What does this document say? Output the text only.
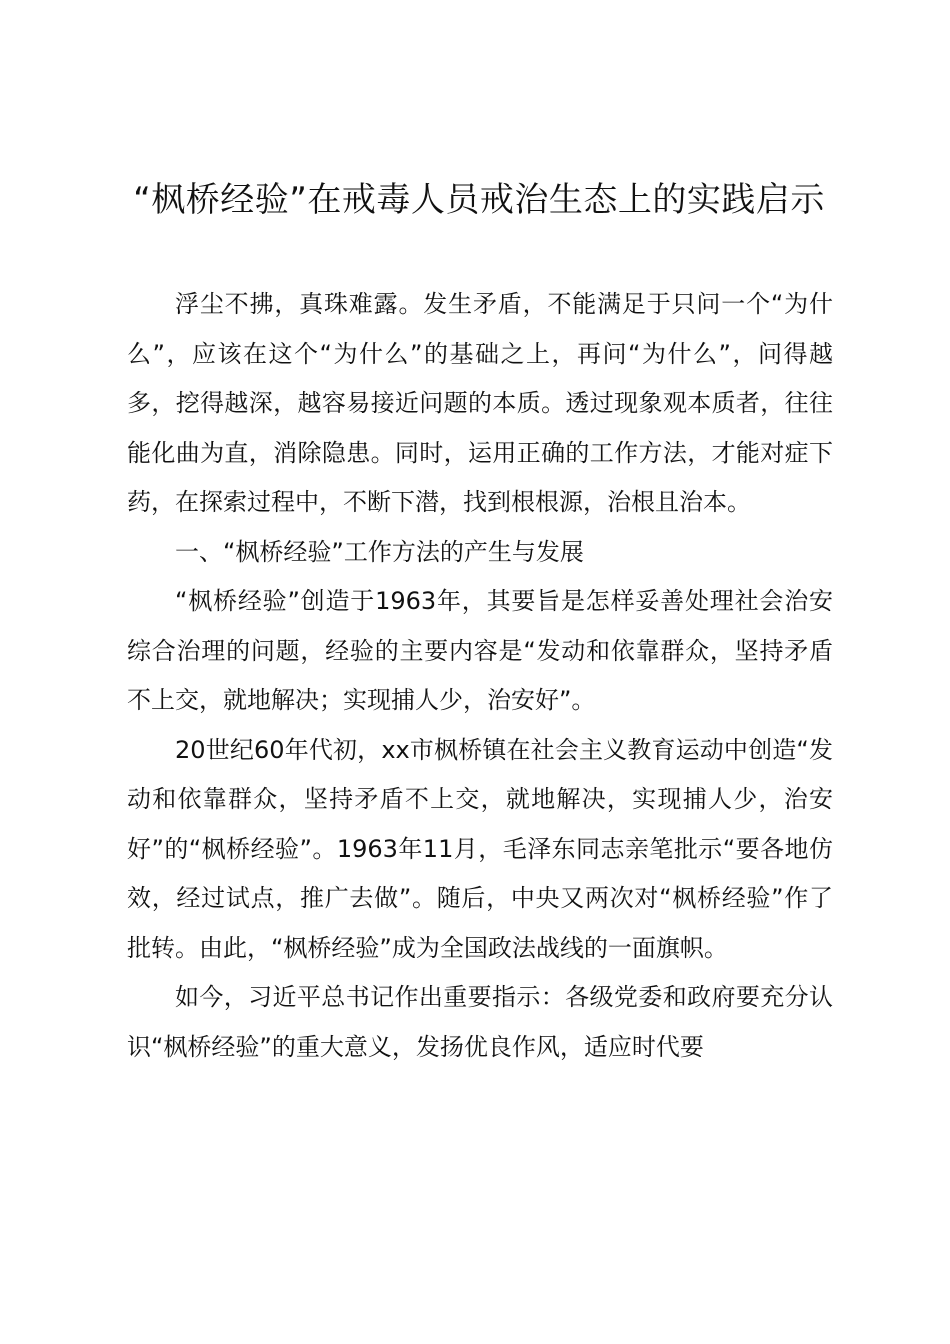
“枫桥经验”在戒毒人员戒治生态上的实践启示

浮尘不拂，真珠难露。发生矛盾，不能满足于只问一个“为什么”，应该在这个“为什么”的基础之上，再问“为什么”，问得越多，挖得越深，越容易接近问题的本质。透过现象观本质者，往往能化曲为直，消除隐患。同时，运用正确的工作方法，才能对症下药，在探索过程中，不断下潜，找到根根源，治根且治本。

一、“枫桥经验”工作方法的产生与发展

“枫桥经验”创造于1963年，其要旨是怎样妥善处理社会治安综合治理的问题，经验的主要内容是“发动和依靠群众，坚持矛盾不上交，就地解决；实现捕人少，治安好”。

20世纪60年代初，xx市枫桥镇在社会主义教育运动中创造“发动和依靠群众，坚持矛盾不上交，就地解决，实现捕人少，治安好”的“枫桥经验”。1963年11月，毛泽东同志亲笔批示“要各地仿效，经过试点，推广去做”。随后，中央又两次对“枫桥经验”作了批转。由此，“枫桥经验”成为全国政法战线的一面旗帜。

如今，习近平总书记作出重要指示：各级党委和政府要充分认识“枫桥经验”的重大意义，发扬优良作风，适应时代要
